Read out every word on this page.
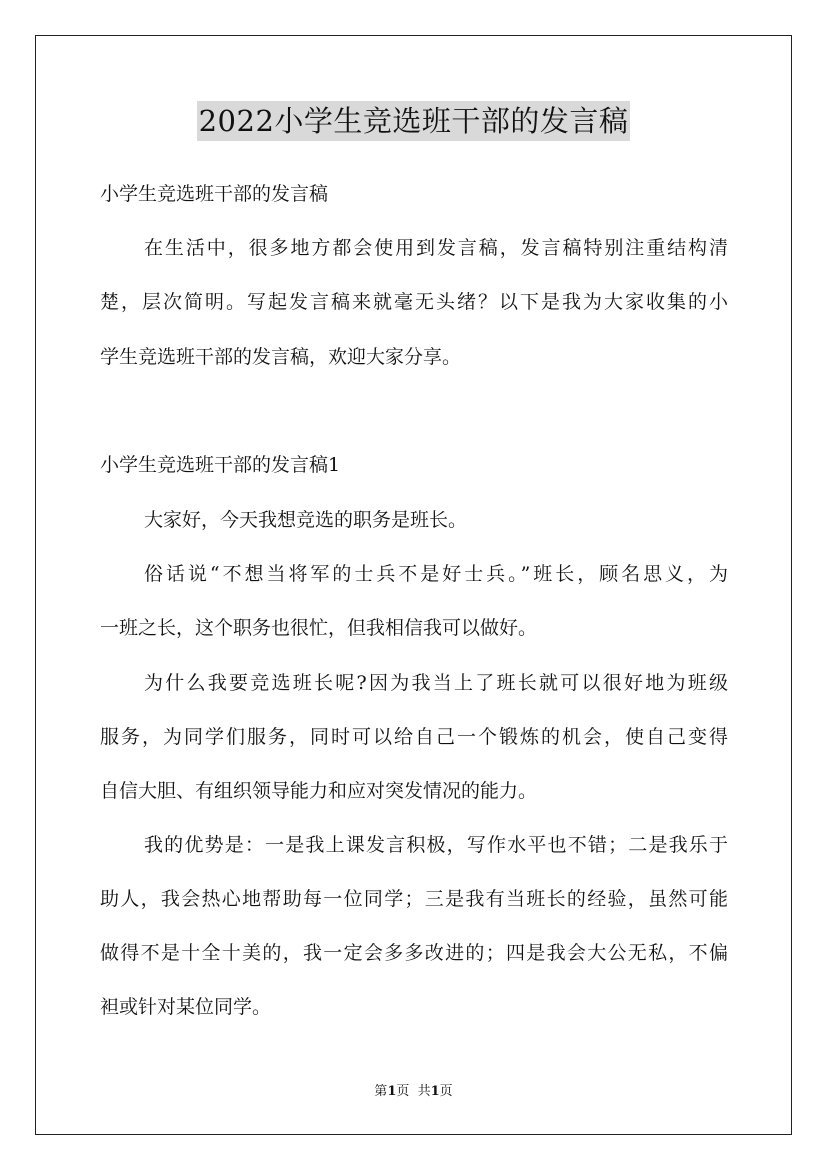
2022小学生竞选班干部的发言稿
小学生竞选班干部的发言稿
在生活中，很多地方都会使用到发言稿，发言稿特别注重结构清
楚，层次简明。写起发言稿来就毫无头绪？以下是我为大家收集的小
学生竞选班干部的发言稿，欢迎大家分享。
小学生竞选班干部的发言稿1
大家好，今天我想竞选的职务是班长。
俗话说“不想当将军的士兵不是好士兵。”班长，顾名思义，为
一班之长，这个职务也很忙，但我相信我可以做好。
为什么我要竞选班长呢?因为我当上了班长就可以很好地为班级
服务，为同学们服务，同时可以给自己一个锻炼的机会，使自己变得
自信大胆、有组织领导能力和应对突发情况的能力。
我的优势是：一是我上课发言积极，写作水平也不错；二是我乐于
助人，我会热心地帮助每一位同学；三是我有当班长的经验，虽然可能
做得不是十全十美的，我一定会多多改进的；四是我会大公无私，不偏
袒或针对某位同学。
第1页  共1页
